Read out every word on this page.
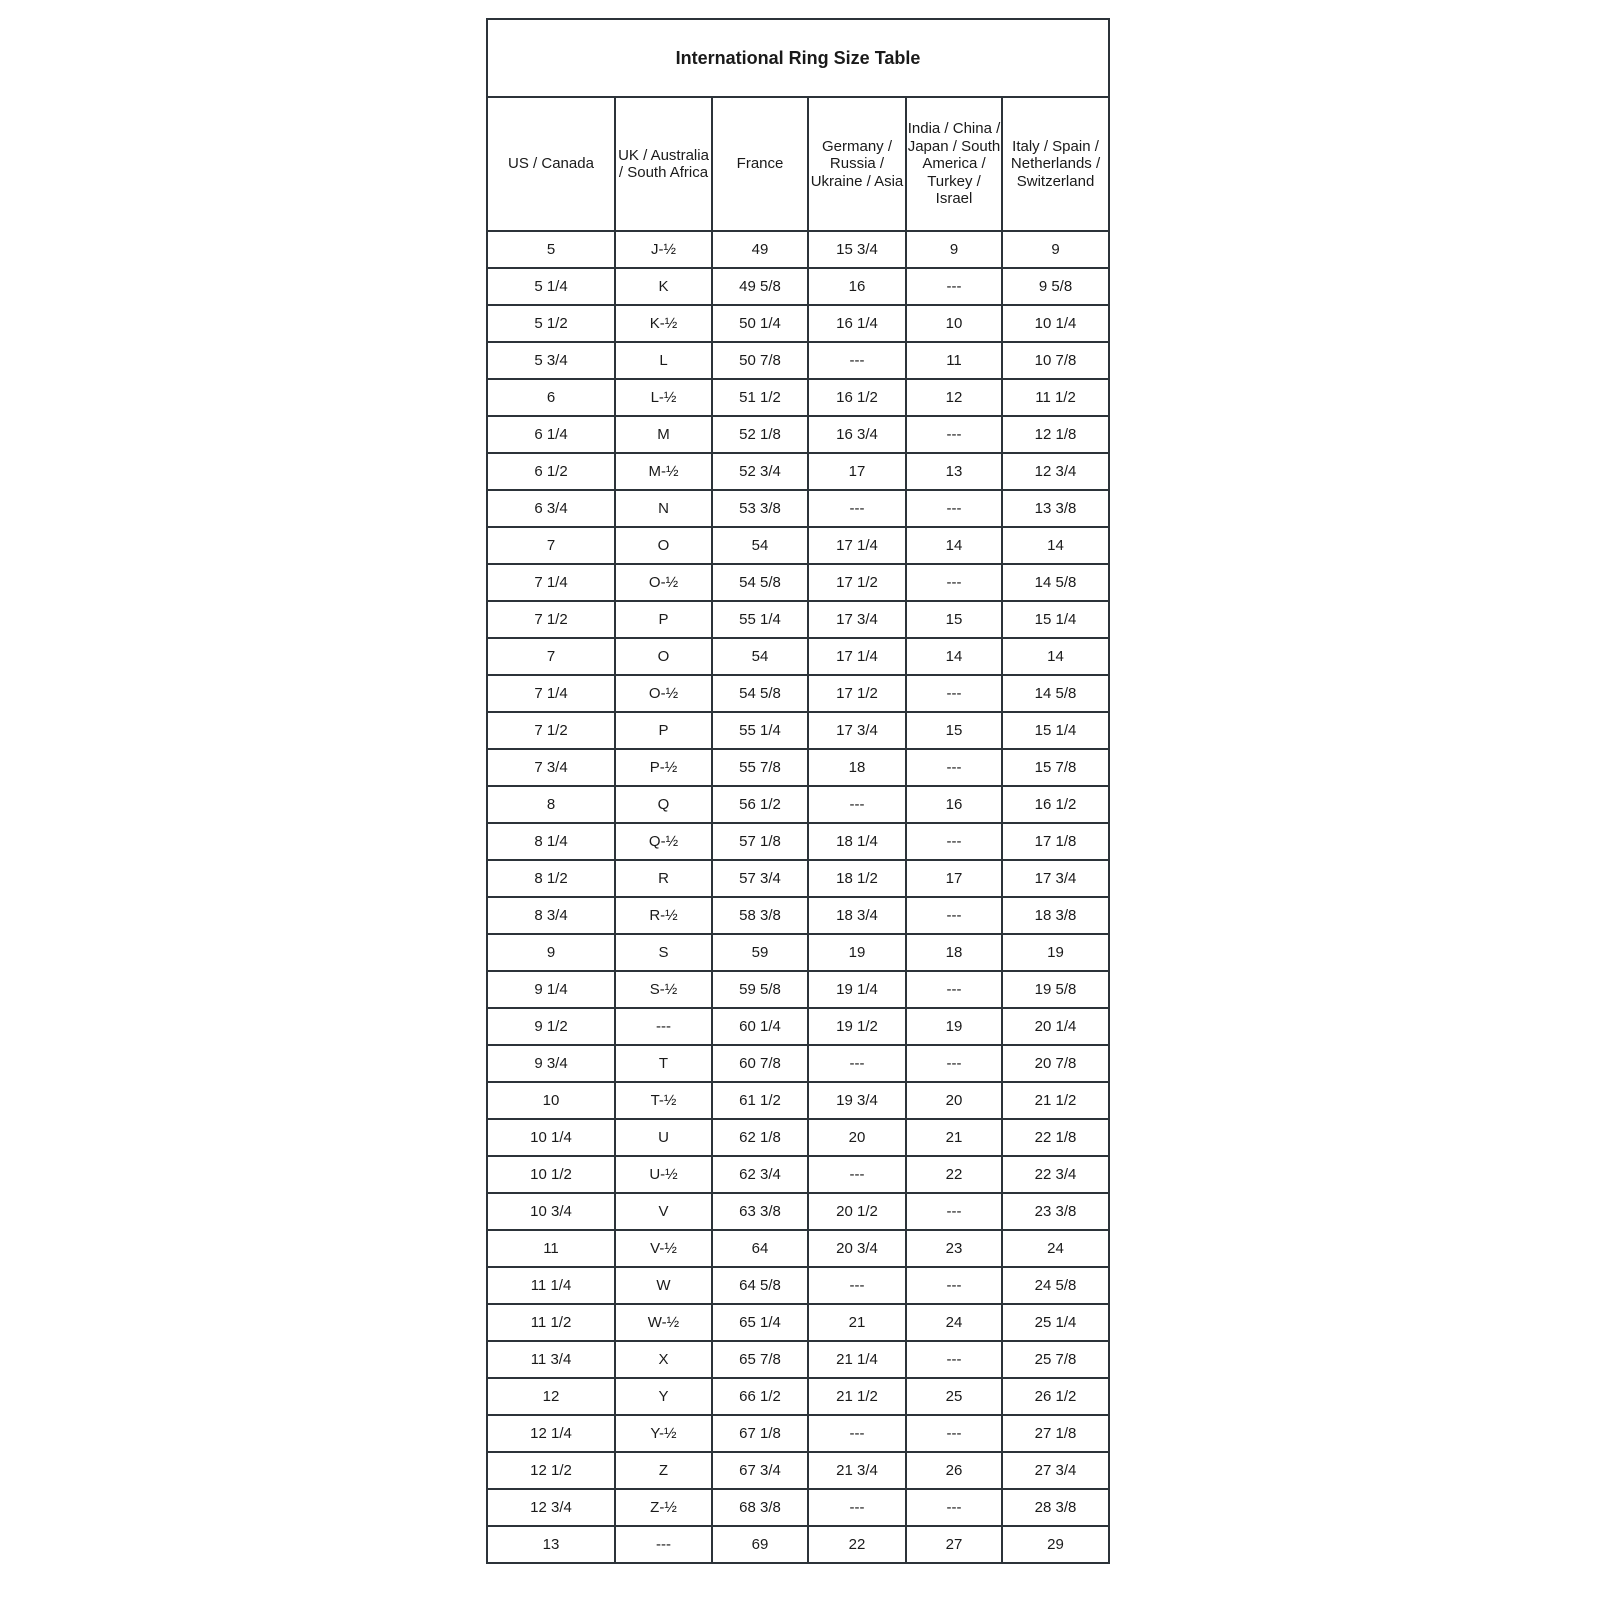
International Ring Size Table					
US / Canada	UK / Australia / South Africa	France	Germany / Russia / Ukraine / Asia	India / China / Japan / South America / Turkey / Israel	Italy / Spain / Netherlands / Switzerland
5	J-½	49	15 3/4	9	9
5 1/4	K	49 5/8	16	---	9 5/8
5 1/2	K-½	50 1/4	16 1/4	10	10 1/4
5 3/4	L	50 7/8	---	11	10 7/8
6	L-½	51 1/2	16 1/2	12	11 1/2
6 1/4	M	52 1/8	16 3/4	---	12 1/8
6 1/2	M-½	52 3/4	17	13	12 3/4
6 3/4	N	53 3/8	---	---	13 3/8
7	O	54	17 1/4	14	14
7 1/4	O-½	54 5/8	17 1/2	---	14 5/8
7 1/2	P	55 1/4	17 3/4	15	15 1/4
7	O	54	17 1/4	14	14
7 1/4	O-½	54 5/8	17 1/2	---	14 5/8
7 1/2	P	55 1/4	17 3/4	15	15 1/4
7 3/4	P-½	55 7/8	18	---	15 7/8
8	Q	56 1/2	---	16	16 1/2
8 1/4	Q-½	57 1/8	18 1/4	---	17 1/8
8 1/2	R	57 3/4	18 1/2	17	17 3/4
8 3/4	R-½	58 3/8	18 3/4	---	18 3/8
9	S	59	19	18	19
9 1/4	S-½	59 5/8	19 1/4	---	19 5/8
9 1/2	---	60 1/4	19 1/2	19	20 1/4
9 3/4	T	60 7/8	---	---	20 7/8
10	T-½	61 1/2	19 3/4	20	21 1/2
10 1/4	U	62 1/8	20	21	22 1/8
10 1/2	U-½	62 3/4	---	22	22 3/4
10 3/4	V	63 3/8	20 1/2	---	23 3/8
11	V-½	64	20 3/4	23	24
11 1/4	W	64 5/8	---	---	24 5/8
11 1/2	W-½	65 1/4	21	24	25 1/4
11 3/4	X	65 7/8	21 1/4	---	25 7/8
12	Y	66 1/2	21 1/2	25	26 1/2
12 1/4	Y-½	67 1/8	---	---	27 1/8
12 1/2	Z	67 3/4	21 3/4	26	27 3/4
12 3/4	Z-½	68 3/8	---	---	28 3/8
13	---	69	22	27	29
